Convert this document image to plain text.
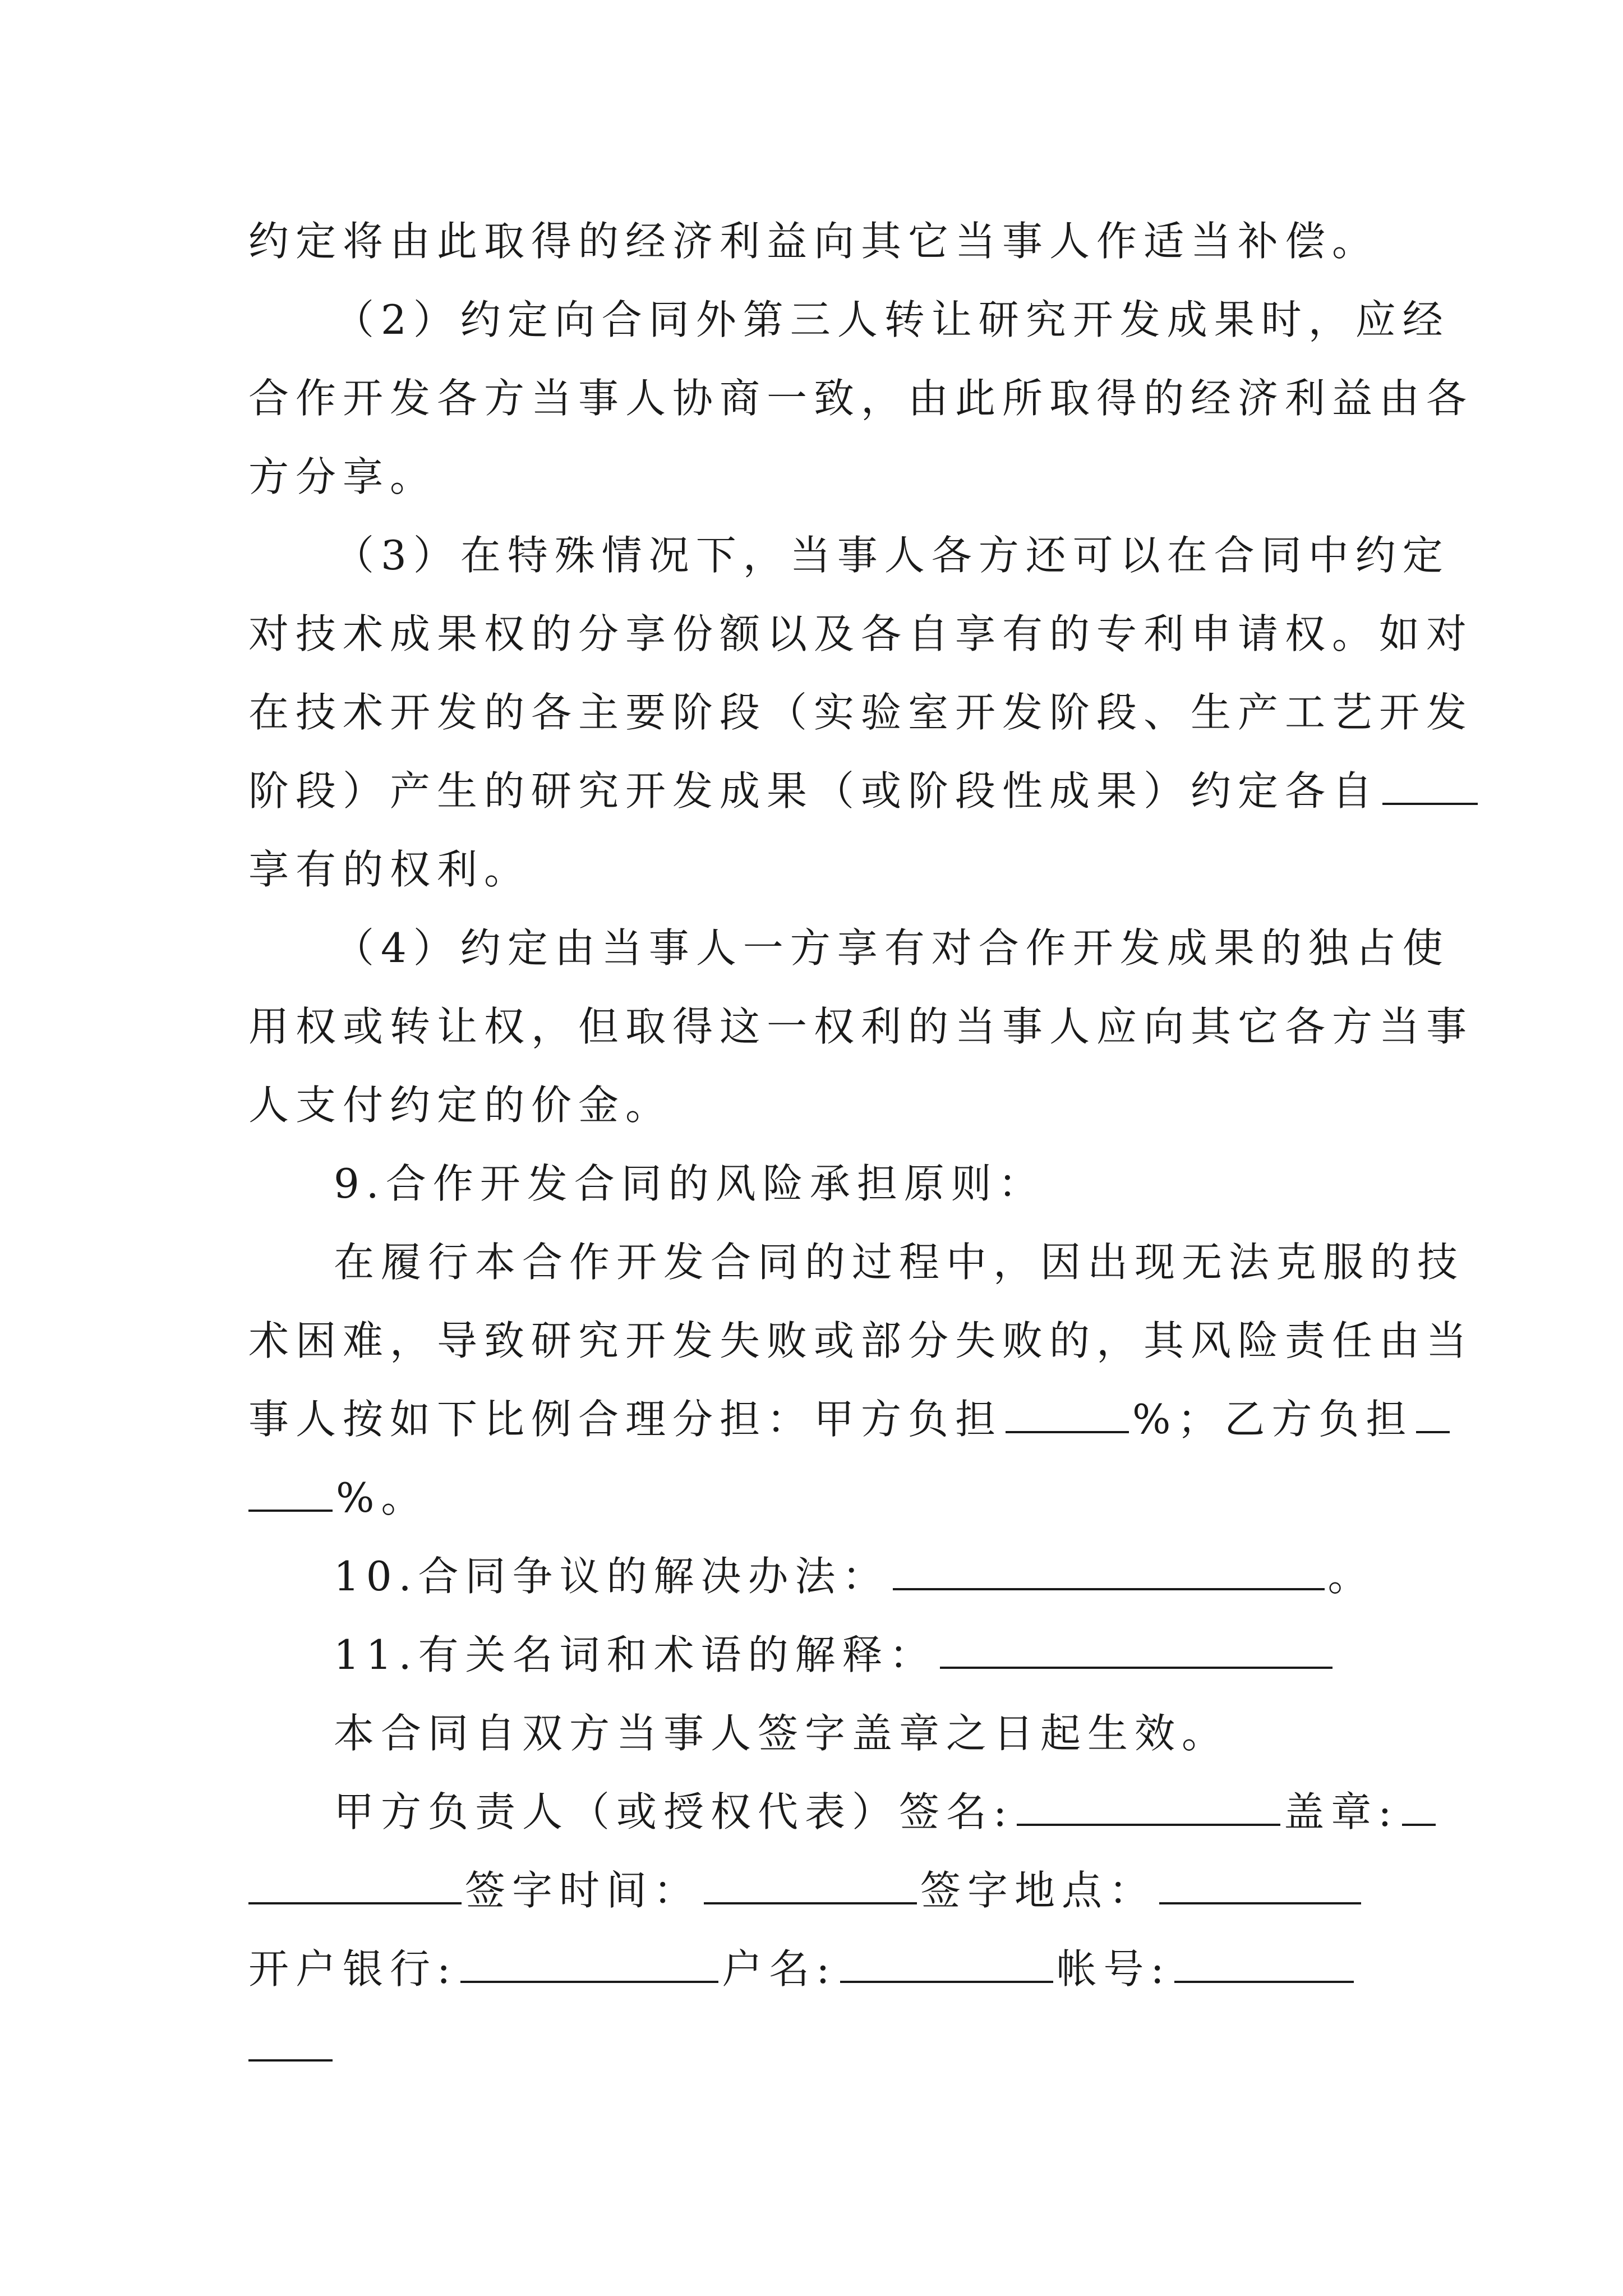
约定将由此取得的经济利益向其它当事人作适当补偿。
（2）约定向合同外第三人转让研究开发成果时，应经
合作开发各方当事人协商一致，由此所取得的经济利益由各
方分享。
（3）在特殊情况下，当事人各方还可以在合同中约定
对技术成果权的分享份额以及各自享有的专利申请权。如对
在技术开发的各主要阶段（实验室开发阶段、生产工艺开发
阶段）产生的研究开发成果（或阶段性成果）约定各自
享有的权利。
（4）约定由当事人一方享有对合作开发成果的独占使
用权或转让权，但取得这一权利的当事人应向其它各方当事
人支付约定的价金。
9.合作开发合同的风险承担原则：
在履行本合作开发合同的过程中，因出现无法克服的技
术困难，导致研究开发失败或部分失败的，其风险责任由当
事人按如下比例合理分担：甲方负担	%；乙方负担
%。
10.合同争议的解决办法：	。
11.有关名词和术语的解释：
本合同自双方当事人签字盖章之日起生效。
甲方负责人（或授权代表）签名:	盖章:
签字时间：	签字地点：
开户银行:	户名:	帐号:
